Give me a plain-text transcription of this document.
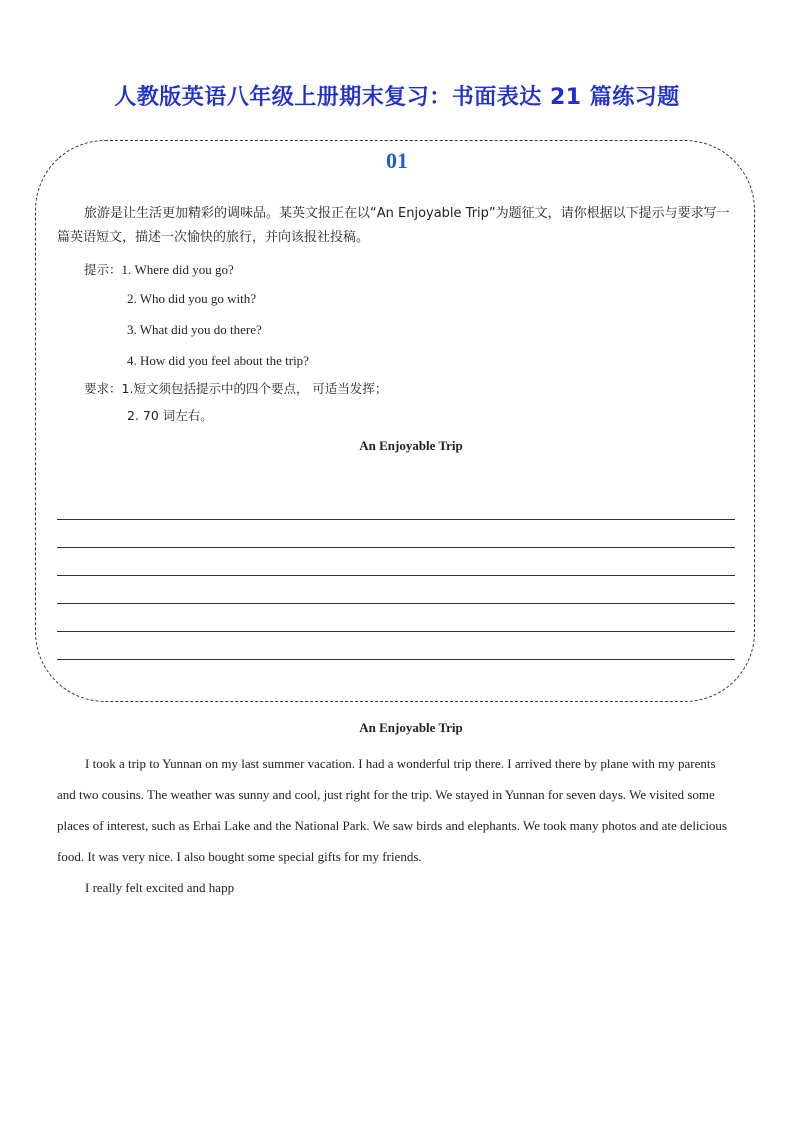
人教版英语八年级上册期末复习：书面表达 21 篇练习题
01

旅游是让生活更加精彩的调味品。某英文报正在以“An Enjoyable Trip”为题征文，请你根据以下提示与要求写一篇英语短文，描述一次愉快的旅行，并向该报社投稿。

提示：1. Where did you go?
2. Who did you go with?
3. What did you do there?
4. How did you feel about the trip?
要求：1.短文须包括提示中的四个要点， 可适当发挥；
2. 70 词左右。
An Enjoyable Trip
An Enjoyable Trip

I took a trip to Yunnan on my last summer vacation. I had a wonderful trip there. I arrived there by plane with my parents and two cousins. The weather was sunny and cool, just right for the trip. We stayed in Yunnan for seven days. We visited some places of interest, such as Erhai Lake and the National Park. We saw birds and elephants. We took many photos and ate delicious food. It was very nice. I also bought some special gifts for my friends.

I really felt excited and happ
